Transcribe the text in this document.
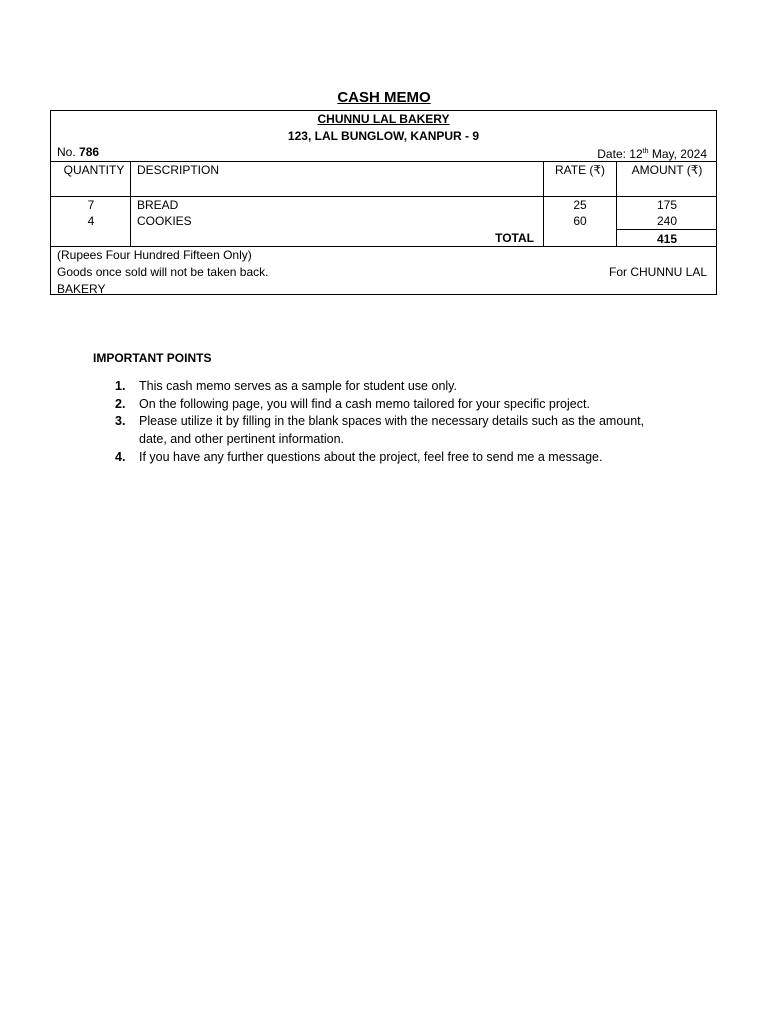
CASH MEMO
CHUNNU LAL BAKERY
123, LAL BUNGLOW, KANPUR - 9
No. 786	Date: 12th May, 2024
QUANTITY	DESCRIPTION	RATE (₹)	AMOUNT (₹)
7	BREAD	25	175
4	COOKIES	60	240
TOTAL	415
(Rupees Four Hundred Fifteen Only)
Goods once sold will not be taken back.	For CHUNNU LAL
BAKERY
IMPORTANT POINTS
1. This cash memo serves as a sample for student use only.
2. On the following page, you will find a cash memo tailored for your specific project.
3. Please utilize it by filling in the blank spaces with the necessary details such as the amount, date, and other pertinent information.
4. If you have any further questions about the project, feel free to send me a message.
